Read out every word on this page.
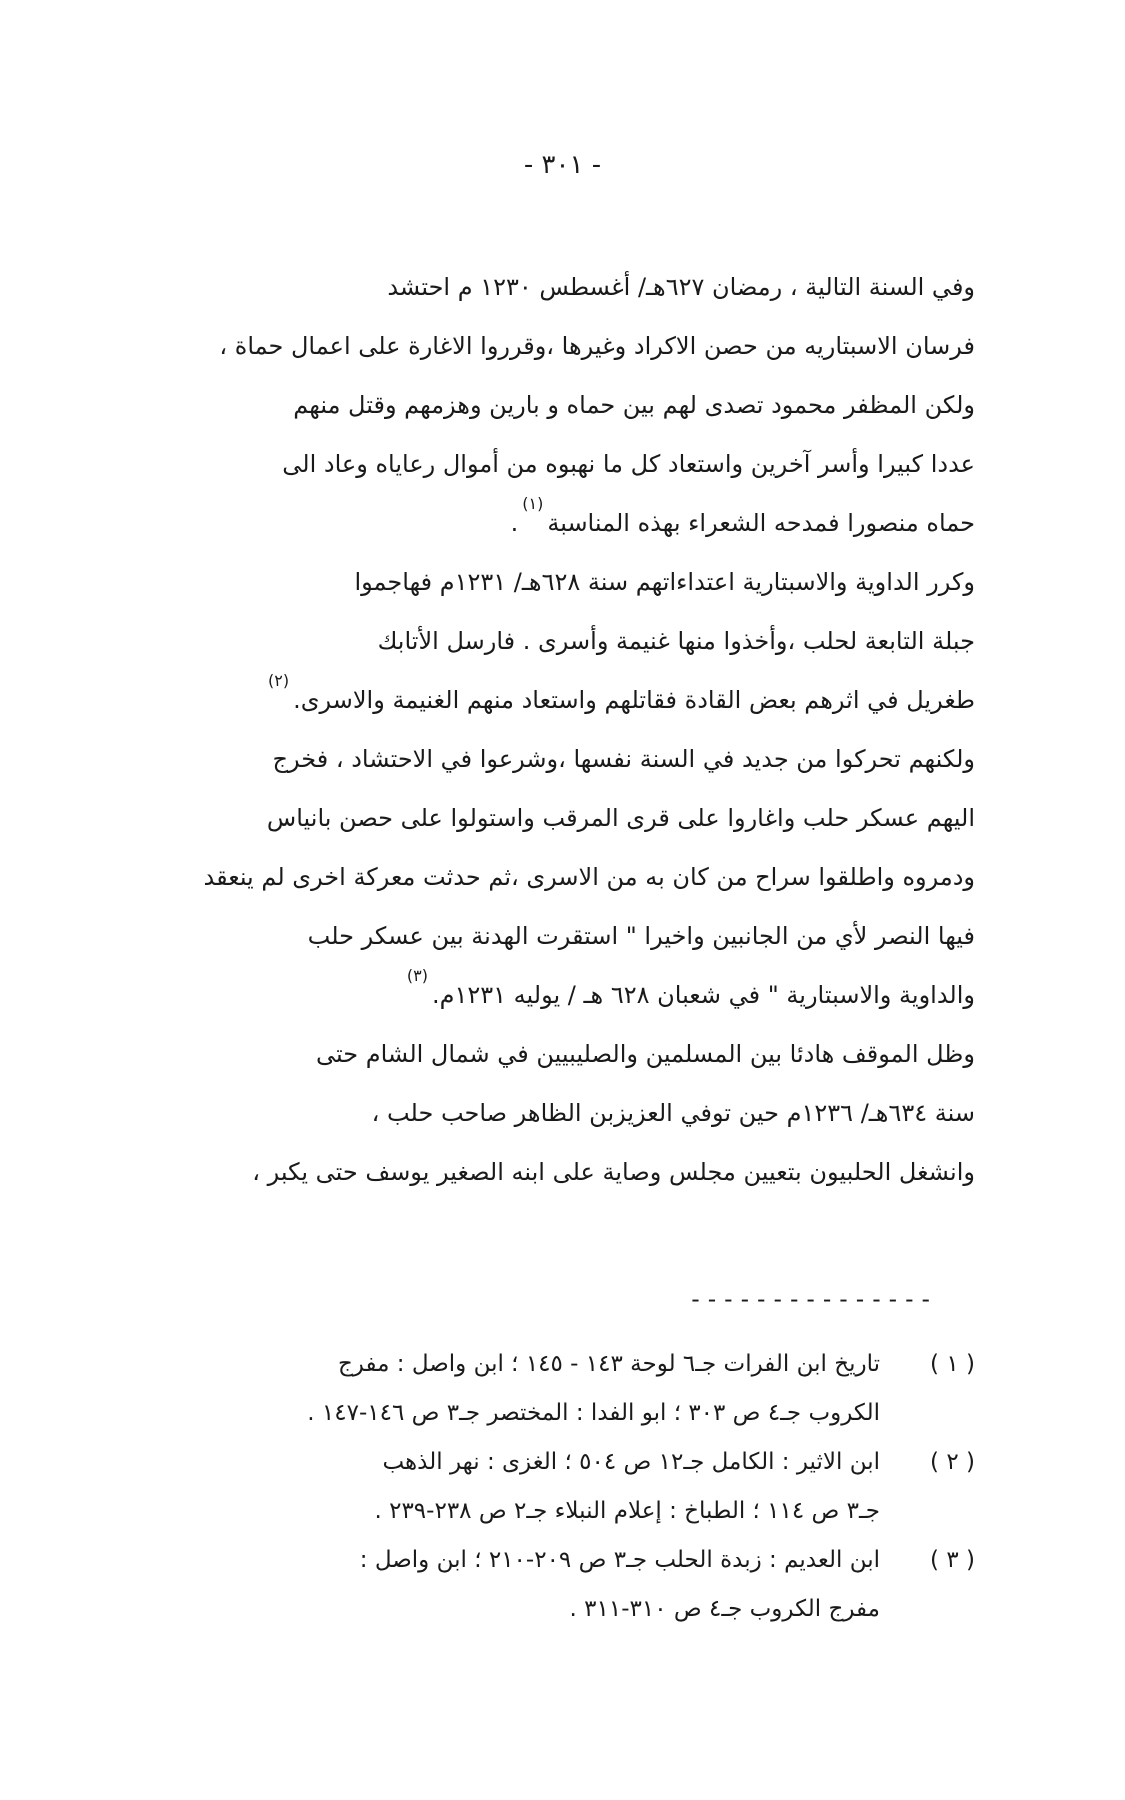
- ٣٠١ -
وفي السنة التالية ، رمضان ٦٢٧هـ/ أغسطس ١٢٣٠ م احتشد
فرسان الاسبتاريه من حصن الاكراد وغيرها ،وقرروا الاغارة على اعمال حماة ،
ولكن المظفر محمود تصدى لهم بين حماه و بارين وهزمهم وقتل منهم
عددا كبيرا وأسر آخرين واستعاد كل ما نهبوه من أموال رعاياه وعاد الى
حماه منصورا فمدحه الشعراء بهذه المناسبة$^{(١)}$.
وكرر الداوية والاسبتارية اعتداءاتهم سنة ٦٢٨هـ/ ١٢٣١م فهاجموا
جبلة التابعة لحلب ،وأخذوا منها غنيمة وأسرى . فارسل الأتابك
طغريل في اثرهم بعض القادة فقاتلهم واستعاد منهم الغنيمة والاسرى.$^{(٢)}$
ولكنهم تحركوا من جديد في السنة نفسها ،وشرعوا في الاحتشاد ، فخرج
اليهم عسكر حلب واغاروا على قرى المرقب واستولوا على حصن بانياس
ودمروه واطلقوا سراح من كان به من الاسرى ،ثم حدثت معركة اخرى لم ينعقد
فيها النصر لأي من الجانبين واخيرا " استقرت الهدنة بين عسكر حلب
والداوية والاسبتارية " في شعبان ٦٢٨ هـ / يوليه ١٢٣١م.$^{(٣)}$
وظل الموقف هادئا بين المسلمين والصليبيين في شمال الشام حتى
سنة ٦٣٤هـ/ ١٢٣٦م حين توفي العزيزبن الظاهر صاحب حلب ،
وانشغل الحلبيون بتعيين مجلس وصاية على ابنه الصغير يوسف حتى يكبر ،
---------------
( ١ )
تاريخ ابن الفرات جـ٦ لوحة ١٤٣ - ١٤٥ ؛ ابن واصل : مفرج
الكروب جـ٤ ص ٣٠٣ ؛ ابو الفدا : المختصر جـ٣ ص ١٤٦-١٤٧ .
( ٢ )
ابن الاثير : الكامل جـ١٢ ص ٥٠٤ ؛ الغزى : نهر الذهب
جـ٣ ص ١١٤ ؛ الطباخ : إعلام النبلاء جـ٢ ص ٢٣٨-٢٣٩ .
( ٣ )
ابن العديم : زبدة الحلب جـ٣ ص ٢٠٩-٢١٠ ؛ ابن واصل :
مفرج الكروب جـ٤ ص ٣١٠-٣١١ .
